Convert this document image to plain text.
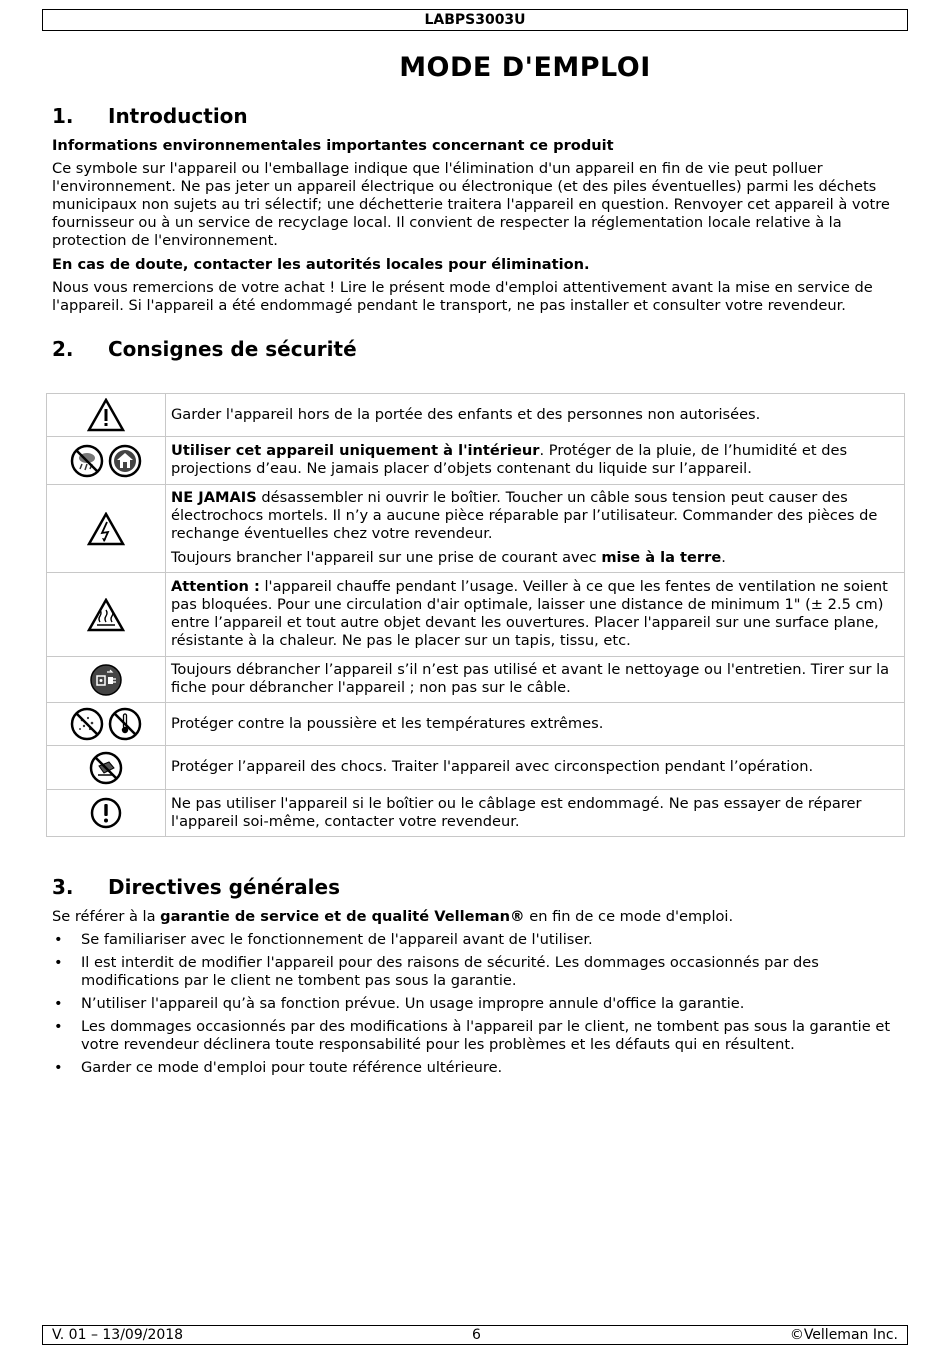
LABPS3003U
MODE D'EMPLOI
1. Introduction

Informations environnementales importantes concernant ce produit

Ce symbole sur l'appareil ou l'emballage indique que l'élimination d'un appareil en fin de vie peut polluer l'environnement. Ne pas jeter un appareil électrique ou électronique (et des piles éventuelles) parmi les déchets municipaux non sujets au tri sélectif; une déchetterie traitera l'appareil en question. Renvoyer cet appareil à votre fournisseur ou à un service de recyclage local. Il convient de respecter la réglementation locale relative à la protection de l'environnement.

En cas de doute, contacter les autorités locales pour élimination.

Nous vous remercions de votre achat ! Lire le présent mode d'emploi attentivement avant la mise en service de l'appareil. Si l'appareil a été endommagé pendant le transport, ne pas installer et consulter votre revendeur.

2. Consignes de sécurité

Garder l'appareil hors de la portée des enfants et des personnes non autorisées.

Utiliser cet appareil uniquement à l'intérieur. Protéger de la pluie, de l’humidité et des projections d’eau. Ne jamais placer d’objets contenant du liquide sur l’appareil.

NE JAMAIS désassembler ni ouvrir le boîtier. Toucher un câble sous tension peut causer des électrochocs mortels. Il n’y a aucune pièce réparable par l’utilisateur. Commander des pièces de rechange éventuelles chez votre revendeur.

Toujours brancher l'appareil sur une prise de courant avec mise à la terre.

Attention : l'appareil chauffe pendant l’usage. Veiller à ce que les fentes de ventilation ne soient pas bloquées. Pour une circulation d'air optimale, laisser une distance de minimum 1" (± 2.5 cm) entre l’appareil et tout autre objet devant les ouvertures. Placer l'appareil sur une surface plane, résistante à la chaleur. Ne pas le placer sur un tapis, tissu, etc.

Toujours débrancher l’appareil s’il n’est pas utilisé et avant le nettoyage ou l'entretien. Tirer sur la fiche pour débrancher l'appareil ; non pas sur le câble.

Protéger contre la poussière et les températures extrêmes.

Protéger l’appareil des chocs. Traiter l'appareil avec circonspection pendant l’opération.

Ne pas utiliser l'appareil si le boîtier ou le câblage est endommagé. Ne pas essayer de réparer l'appareil soi-même, contacter votre revendeur.

3. Directives générales

Se référer à la garantie de service et de qualité Velleman® en fin de ce mode d'emploi.

• Se familiariser avec le fonctionnement de l'appareil avant de l'utiliser.
• Il est interdit de modifier l'appareil pour des raisons de sécurité. Les dommages occasionnés par des modifications par le client ne tombent pas sous la garantie.
• N’utiliser l'appareil qu’à sa fonction prévue. Un usage impropre annule d'office la garantie.
• Les dommages occasionnés par des modifications à l'appareil par le client, ne tombent pas sous la garantie et votre revendeur déclinera toute responsabilité pour les problèmes et les défauts qui en résultent.
• Garder ce mode d'emploi pour toute référence ultérieure.
V. 01 – 13/09/2018	6	©Velleman Inc.
